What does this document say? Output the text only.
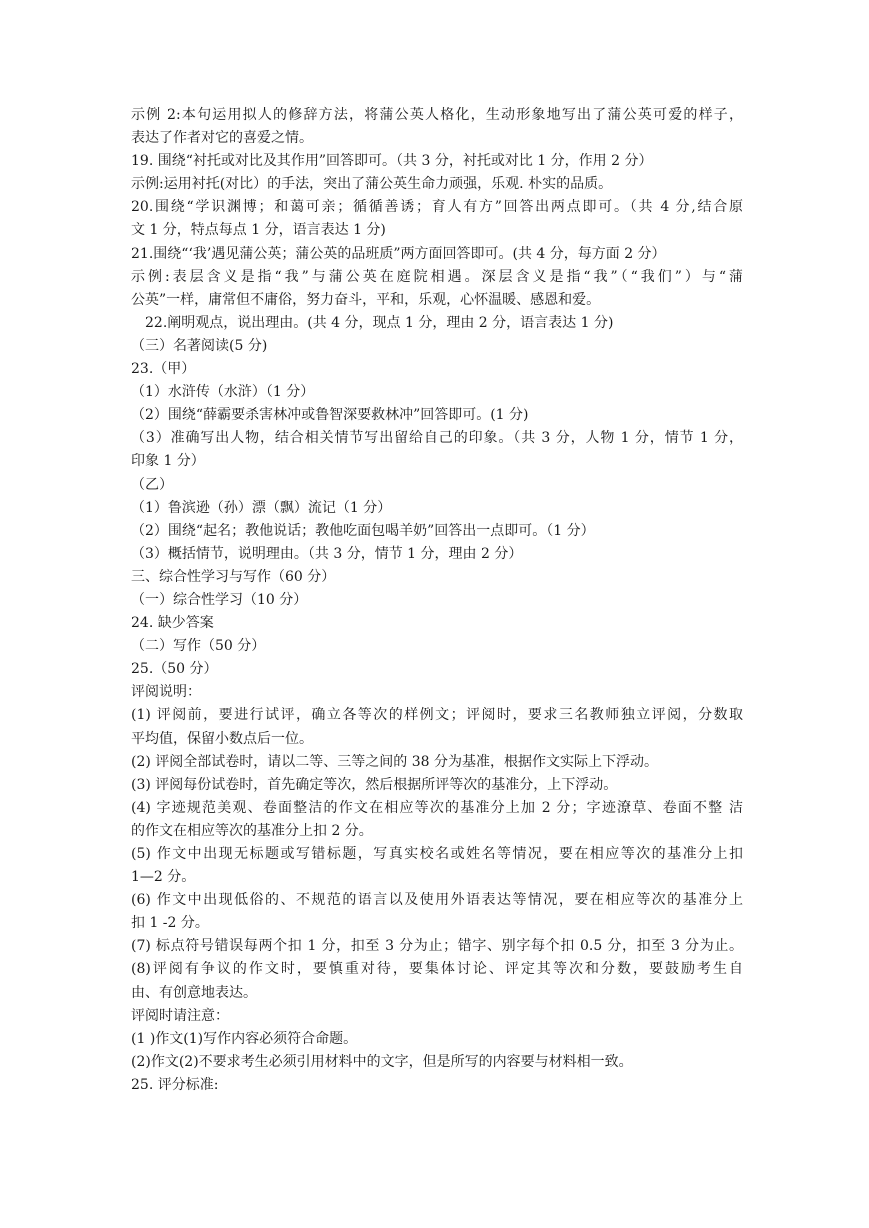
示例 2:本句运用拟人的修辞方法，将蒲公英人格化，生动形象地写出了蒲公英可爱的样子，
表达了作者对它的喜爱之情。
19. 围绕“衬托或对比及其作用”回答即可。（共 3 分，衬托或对比 1 分，作用 2 分）
示例:运用衬托(对比）的手法，突出了蒲公英生命力顽强，乐观. 朴实的品质。
20.围绕“学识渊博；和蔼可亲；循循善诱；育人有方”回答出两点即可。（共 4 分,结合原
文 1 分，特点每点 1 分，语言表达 1 分)
21.围绕“‘我’遇见蒲公英；蒲公英的品班质”两方面回答即可。(共 4 分，每方面 2 分）
示例:表层含义是指“我”与蒲公英在庭院相遇。深层含义是指“我”（“我们”）与“蒲
公英”一样，庸常但不庸俗，努力奋斗，平和，乐观，心怀温暖、感恩和爱。
22.阐明观点，说出理由。(共 4 分，现点 1 分，理由 2 分，语言表达 1 分)
（三）名著阅读(5 分)
23.（甲）
（1）水浒传（水浒）（1 分）
（2）围绕“薛霸要杀害林冲或鲁智深要救林冲”回答即可。(1 分)
（3）准确写出人物，结合相关情节写出留给自己的印象。（共 3 分，人物 1 分，情节 1 分，
印象 1 分）
（乙）
（1）鲁滨逊（孙）漂（飘）流记（1 分）
（2）围绕“起名；教他说话；教他吃面包喝羊奶”回答出一点即可。（1 分）
（3）概括情节，说明理由。（共 3 分，情节 1 分，理由 2 分）
三、综合性学习与写作（60 分）
（一）综合性学习（10 分）
24. 缺少答案
（二）写作（50 分）
25.（50 分）
评阅说明：
(1) 评阅前，要进行试评，确立各等次的样例文；评阅时，要求三名教师独立评阅，分数取
平均值，保留小数点后一位。
(2) 评阅全部试卷时，请以二等、三等之间的 38 分为基准，根据作文实际上下浮动。
(3) 评阅每份试卷时，首先确定等次，然后根据所评等次的基准分，上下浮动。
(4) 字迹规范美观、卷面整洁的作文在相应等次的基准分上加 2 分；字迹潦草、卷面不整 洁
的作文在相应等次的基准分上扣 2 分。
(5) 作文中出现无标题或写错标题，写真实校名或姓名等情况，要在相应等次的基准分上扣
1—2 分。
(6) 作文中出现低俗的、不规范的语言以及使用外语表达等情况，要在相应等次的基准分上
扣 1 -2 分。
(7) 标点符号错误每两个扣 1 分，扣至 3 分为止；错字、别字每个扣 0.5 分，扣至 3 分为止。
(8)评阅有争议的作文时，要慎重对待，要集体讨论、评定其等次和分数，要鼓励考生自
由、有创意地表达。
评阅时请注意：
(1 )作文(1)写作内容必须符合命题。
(2)作文(2)不要求考生必须引用材料中的文字，但是所写的内容要与材料相一致。
25. 评分标准:
